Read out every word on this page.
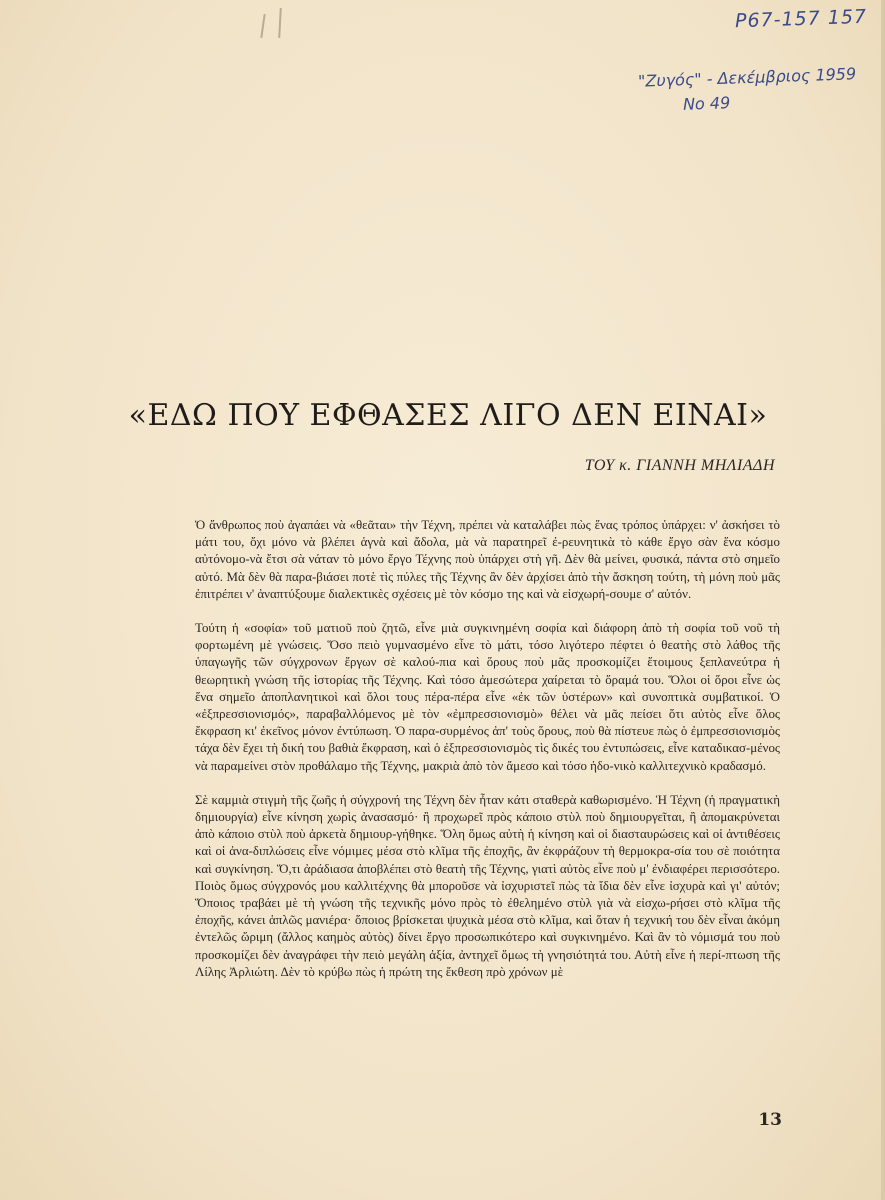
Ρ67-157 157
"Ζυγός" - Δεκέμβριος 1959
Νο 49
«ΕΔΩ ΠΟΥ ΕΦΘΑΣΕΣ ΛΙΓΟ ΔΕΝ ΕΙΝΑΙ»

ΤΟΥ κ. ΓΙΑΝΝΗ ΜΗΛΙΑΔΗ

Ὁ ἄνθρωπος ποὺ ἀγαπάει νὰ «θεᾶται» τὴν Τέχνη, πρέπει νὰ καταλάβει πὼς ἕνας τρόπος ὑπάρχει: ν' ἀσκήσει τὸ μάτι του, ὄχι μόνο νὰ βλέπει ἁγνὰ καὶ ἄδολα, μὰ νὰ παρατηρεῖ ἐ-ρευνητικὰ τὸ κάθε ἔργο σὰν ἕνα κόσμο αὐτόνομο-νὰ ἔτσι σὰ νάταν τὸ μόνο ἔργο Τέχνης ποὺ ὑπάρχει στὴ γῆ. Δὲν θὰ μείνει, φυσικά, πάντα στὸ σημεῖο αὐτό. Μὰ δὲν θὰ παρα-βιάσει ποτὲ τὶς πύλες τῆς Τέχνης ἂν δὲν ἀρχίσει ἀπὸ τὴν ἄσκηση τούτη, τὴ μόνη ποὺ μᾶς ἐπιτρέπει ν' ἀναπτύξουμε διαλεκτικὲς σχέσεις μὲ τὸν κόσμο της καὶ νὰ εἰσχωρή-σουμε σ' αὐτόν.

Τούτη ἡ «σοφία» τοῦ ματιοῦ ποὺ ζητῶ, εἶνε μιὰ συγκινημένη σοφία καὶ διάφορη ἀπὸ τὴ σοφία τοῦ νοῦ τὴ φορτωμένη μὲ γνώσεις. Ὅσο πειὸ γυμνασμένο εἶνε τὸ μάτι, τόσο λιγότερο πέφτει ὁ θεατὴς στὸ λάθος τῆς ὑπαγωγῆς τῶν σύγχρονων ἔργων σὲ καλού-πια καὶ ὅρους ποὺ μᾶς προσκομίζει ἕτοιμους ξεπλανεύτρα ἡ θεωρητικὴ γνώση τῆς ἱστορίας τῆς Τέχνης. Καὶ τόσο ἀμεσώτερα χαίρεται τὸ ὅραμά του. Ὅλοι οἱ ὅροι εἶνε ὡς ἕνα σημεῖο ἀποπλανητικοὶ καὶ ὅλοι τους πέρα-πέρα εἶνε «ἐκ τῶν ὑστέρων» καὶ συνοπτικὰ συμβατικοί. Ὁ «ἐξπρεσσιονισμός», παραβαλλόμενος μὲ τὸν «ἐμπρεσσιονισμὸ» θέλει νὰ μᾶς πείσει ὅτι αὐτὸς εἶνε ὅλος ἔκφραση κι' ἐκεῖνος μόνον ἐντύπωση. Ὁ παρα-συρμένος ἀπ' τοὺς ὅρους, ποὺ θὰ πίστευε πὼς ὁ ἐμπρεσσιονισμὸς τάχα δὲν ἔχει τὴ δική του βαθιὰ ἔκφραση, καὶ ὁ ἐξπρεσσιονισμὸς τὶς δικές του ἐντυπώσεις, εἶνε καταδικασ-μένος νὰ παραμείνει στὸν προθάλαμο τῆς Τέχνης, μακριὰ ἀπὸ τὸν ἄμεσο καὶ τόσο ἡδο-νικὸ καλλιτεχνικὸ κραδασμό.

Σὲ καμμιὰ στιγμὴ τῆς ζωῆς ἡ σύγχρονή της Τέχνη δὲν ἦταν κάτι σταθερὰ καθωρισμένο. Ἡ Τέχνη (ἡ πραγματικὴ δημιουργία) εἶνε κίνηση χωρὶς ἀνασασμό· ἢ προχωρεῖ πρὸς κάποιο στὺλ ποὺ δημιουργεῖται, ἢ ἀπομακρύνεται ἀπὸ κάποιο στὺλ ποὺ ἀρκετὰ δημιουρ-γήθηκε. Ὅλη ὅμως αὐτὴ ἡ κίνηση καὶ οἱ διασταυρώσεις καὶ οἱ ἀντιθέσεις καὶ οἱ ἀνα-διπλώσεις εἶνε νόμιμες μέσα στὸ κλῖμα τῆς ἐποχῆς, ἂν ἐκφράζουν τὴ θερμοκρα-σία του σὲ ποιότητα καὶ συγκίνηση. Ὅ,τι ἀράδιασα ἀποβλέπει στὸ θεατὴ τῆς Τέχνης, γιατὶ αὐτὸς εἶνε ποὺ μ' ἐνδιαφέρει περισσότερο. Ποιὸς ὅμως σύγχρονός μου καλλιτέχνης θὰ μποροῦσε νὰ ἰσχυριστεῖ πὼς τὰ ἴδια δὲν εἶνε ἰσχυρὰ καὶ γι' αὐτόν; Ὅποιος τραβάει μὲ τὴ γνώση τῆς τεχνικῆς μόνο πρὸς τὸ ἐθελημένο στὺλ γιὰ νὰ εἰσχω-ρήσει στὸ κλῖμα τῆς ἐποχῆς, κάνει ἁπλῶς μανιέρα· ὅποιος βρίσκεται ψυχικὰ μέσα στὸ κλῖμα, καὶ ὅταν ἡ τεχνική του δὲν εἶναι ἀκόμη ἐντελῶς ὥριμη (ἄλλος καημὸς αὐτὸς) δίνει ἔργο προσωπικότερο καὶ συγκινημένο. Καὶ ἂν τὸ νόμισμά του ποὺ προσκομίζει δὲν ἀναγράφει τὴν πειὸ μεγάλη ἀξία, ἀντηχεῖ ὅμως τὴ γνησιότητά του. Αὐτὴ εἶνε ἡ περί-πτωση τῆς Λίλης Ἀρλιώτη. Δὲν τὸ κρύβω πὼς ἡ πρώτη της ἔκθεση πρὸ χρόνων μὲ

13
